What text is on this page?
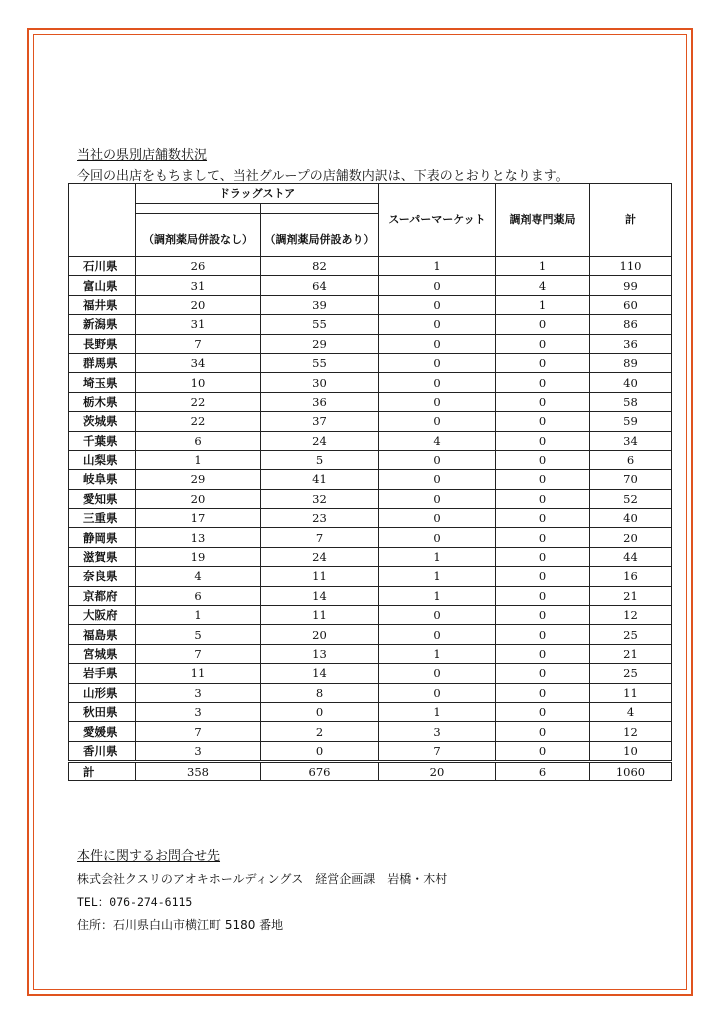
当社の県別店舗数状況
今回の出店をもちまして、当社グループの店舗数内訳は、下表のとおりとなります。
	ドラッグストア		スーパーマーケット	調剤専門薬局	計
	（調剤薬局併設なし）	（調剤薬局併設あり）			
石川県	26	82	1	1	110
富山県	31	64	0	4	99
福井県	20	39	0	1	60
新潟県	31	55	0	0	86
長野県	7	29	0	0	36
群馬県	34	55	0	0	89
埼玉県	10	30	0	0	40
栃木県	22	36	0	0	58
茨城県	22	37	0	0	59
千葉県	6	24	4	0	34
山梨県	1	5	0	0	6
岐阜県	29	41	0	0	70
愛知県	20	32	0	0	52
三重県	17	23	0	0	40
静岡県	13	7	0	0	20
滋賀県	19	24	1	0	44
奈良県	4	11	1	0	16
京都府	6	14	1	0	21
大阪府	1	11	0	0	12
福島県	5	20	0	0	25
宮城県	7	13	1	0	21
岩手県	11	14	0	0	25
山形県	3	8	0	0	11
秋田県	3	0	1	0	4
愛媛県	7	2	3	0	12
香川県	3	0	7	0	10
計	358	676	20	6	1060
本件に関するお問合せ先
株式会社クスリのアオキホールディングス　経営企画課　岩橋・木村
TEL：076-274-6115
住所：石川県白山市横江町 5180 番地
